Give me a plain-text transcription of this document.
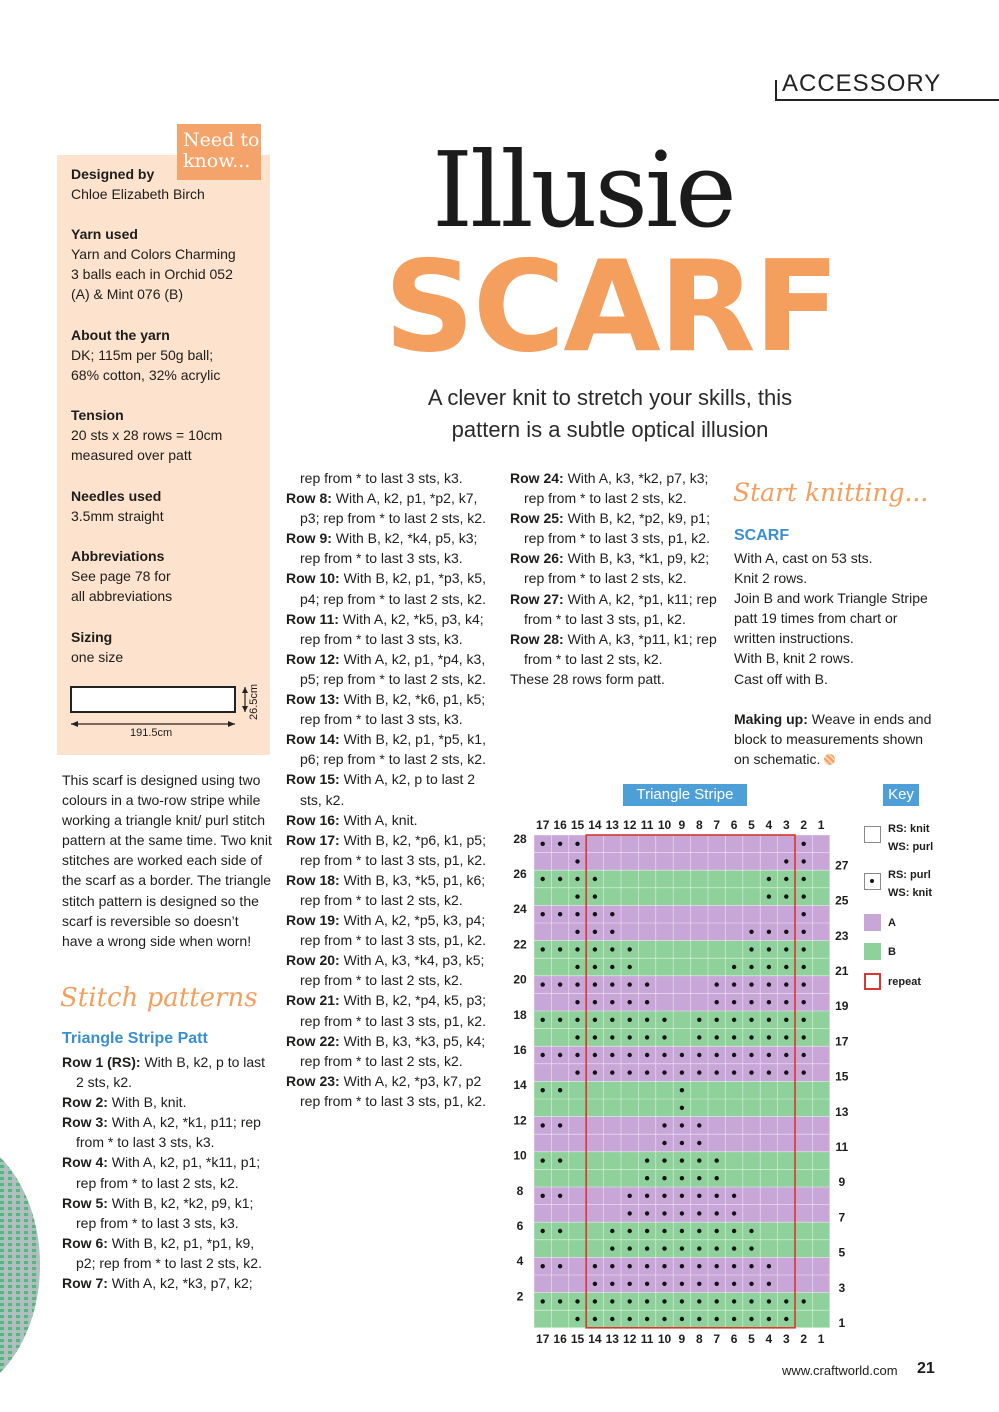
ACCESSORY
Need to know...
Designed by
Chloe Elizabeth Birch
Yarn used
Yarn and Colors Charming
3 balls each in Orchid 052
(A) & Mint 076 (B)
About the yarn
DK; 115m per 50g ball;
68% cotton, 32% acrylic
Tension
20 sts x 28 rows = 10cm
measured over patt
Needles used
3.5mm straight
Abbreviations
See page 78 for
all abbreviations
Sizing
one size
191.5cm
26.5cm
Illusie
SCARF
A clever knit to stretch your skills, this
pattern is a subtle optical illusion
This scarf is designed using two colours in a two-row stripe while working a triangle knit/ purl stitch pattern at the same time. Two knit stitches are worked each side of the scarf as a border. The triangle stitch pattern is designed so the scarf is reversible so doesn’t have a wrong side when worn!
Stitch patterns
Triangle Stripe Patt
Row 1 (RS): With B, k2, p to last 2 sts, k2.
Row 2: With B, knit.
Row 3: With A, k2, *k1, p11; rep from * to last 3 sts, k3.
Row 4: With A, k2, p1, *k11, p1; rep from * to last 2 sts, k2.
Row 5: With B, k2, *k2, p9, k1; rep from * to last 3 sts, k3.
Row 6: With B, k2, p1, *p1, k9, p2; rep from * to last 2 sts, k2.
Row 7: With A, k2, *k3, p7, k2;
rep from * to last 3 sts, k3.
Row 8: With A, k2, p1, *p2, k7, p3; rep from * to last 2 sts, k2.
Row 9: With B, k2, *k4, p5, k3; rep from * to last 3 sts, k3.
Row 10: With B, k2, p1, *p3, k5, p4; rep from * to last 2 sts, k2.
Row 11: With A, k2, *k5, p3, k4; rep from * to last 3 sts, k3.
Row 12: With A, k2, p1, *p4, k3, p5; rep from * to last 2 sts, k2.
Row 13: With B, k2, *k6, p1, k5; rep from * to last 3 sts, k3.
Row 14: With B, k2, p1, *p5, k1, p6; rep from * to last 2 sts, k2.
Row 15: With A, k2, p to last 2 sts, k2.
Row 16: With A, knit.
Row 17: With B, k2, *p6, k1, p5; rep from * to last 3 sts, p1, k2.
Row 18: With B, k3, *k5, p1, k6; rep from * to last 2 sts, k2.
Row 19: With A, k2, *p5, k3, p4; rep from * to last 3 sts, p1, k2.
Row 20: With A, k3, *k4, p3, k5; rep from * to last 2 sts, k2.
Row 21: With B, k2, *p4, k5, p3; rep from * to last 3 sts, p1, k2.
Row 22: With B, k3, *k3, p5, k4; rep from * to last 2 sts, k2.
Row 23: With A, k2, *p3, k7, p2 rep from * to last 3 sts, p1, k2.
Row 24: With A, k3, *k2, p7, k3; rep from * to last 2 sts, k2.
Row 25: With B, k2, *p2, k9, p1; rep from * to last 3 sts, p1, k2.
Row 26: With B, k3, *k1, p9, k2; rep from * to last 2 sts, k2.
Row 27: With A, k2, *p1, k11; rep from * to last 3 sts, p1, k2.
Row 28: With A, k3, *p11, k1; rep from * to last 2 sts, k2.
These 28 rows form patt.
Start knitting...
SCARF
With A, cast on 53 sts.
Knit 2 rows.
Join B and work Triangle Stripe patt 19 times from chart or written instructions.
With B, knit 2 rows.
Cast off with B.
Making up: Weave in ends and block to measurements shown on schematic.
Triangle Stripe	Key
28
27
26
25
24
23
22
21
20
19
18
17
16
15
14
13
12
11
10
9
8
7
6
5
4
3
2
1
17
17
16
16
15
15
14
14
13
13
12
12
11
11
10
10
9
9
8
8
7
7
6
6
5
5
4
4
3
3
2
2
1
1
RS: knit
WS: purl
RS: purl
WS: knit
A
B
repeat
www.craftworld.com 21
